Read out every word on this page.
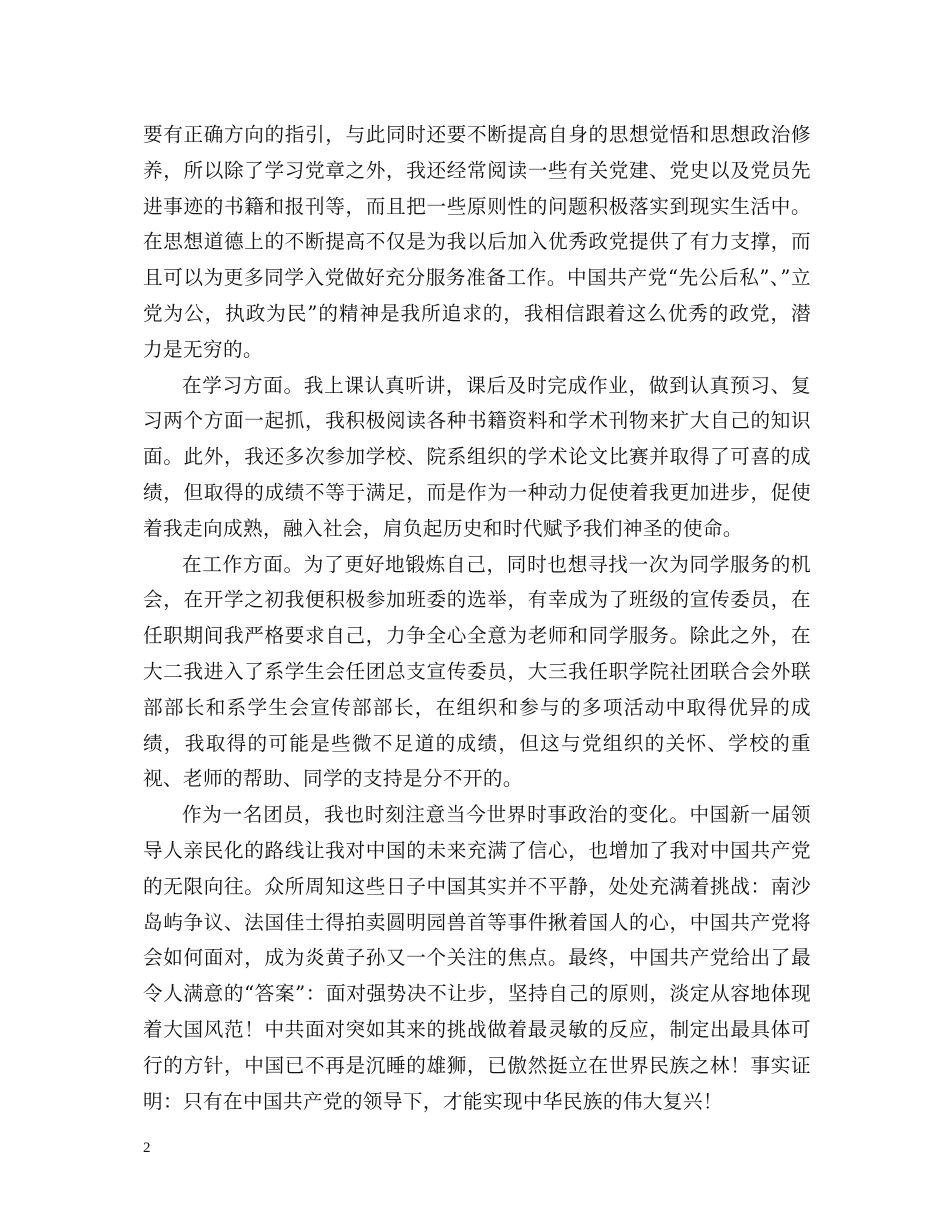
要有正确方向的指引，与此同时还要不断提高自身的思想觉悟和思想政治修养，所以除了学习党章之外，我还经常阅读一些有关党建、党史以及党员先进事迹的书籍和报刊等，而且把一些原则性的问题积极落实到现实生活中。在思想道德上的不断提高不仅是为我以后加入优秀政党提供了有力支撑，而且可以为更多同学入党做好充分服务准备工作。中国共产党“先公后私”、”立党为公，执政为民”的精神是我所追求的，我相信跟着这么优秀的政党，潜力是无穷的。

在学习方面。我上课认真听讲，课后及时完成作业，做到认真预习、复习两个方面一起抓，我积极阅读各种书籍资料和学术刊物来扩大自己的知识面。此外，我还多次参加学校、院系组织的学术论文比赛并取得了可喜的成绩，但取得的成绩不等于满足，而是作为一种动力促使着我更加进步，促使着我走向成熟，融入社会，肩负起历史和时代赋予我们神圣的使命。

在工作方面。为了更好地锻炼自己，同时也想寻找一次为同学服务的机会，在开学之初我便积极参加班委的选举，有幸成为了班级的宣传委员，在任职期间我严格要求自己，力争全心全意为老师和同学服务。除此之外，在大二我进入了系学生会任团总支宣传委员，大三我任职学院社团联合会外联部部长和系学生会宣传部部长，在组织和参与的多项活动中取得优异的成绩，我取得的可能是些微不足道的成绩，但这与党组织的关怀、学校的重视、老师的帮助、同学的支持是分不开的。

作为一名团员，我也时刻注意当今世界时事政治的变化。中国新一届领导人亲民化的路线让我对中国的未来充满了信心，也增加了我对中国共产党的无限向往。众所周知这些日子中国其实并不平静，处处充满着挑战：南沙岛屿争议、法国佳士得拍卖圆明园兽首等事件揪着国人的心，中国共产党将会如何面对，成为炎黄子孙又一个关注的焦点。最终，中国共产党给出了最令人满意的“答案”：面对强势决不让步，坚持自己的原则，淡定从容地体现着大国风范！中共面对突如其来的挑战做着最灵敏的反应，制定出最具体可行的方针，中国已不再是沉睡的雄狮，已傲然挺立在世界民族之林！事实证明：只有在中国共产党的领导下，才能实现中华民族的伟大复兴！

2
